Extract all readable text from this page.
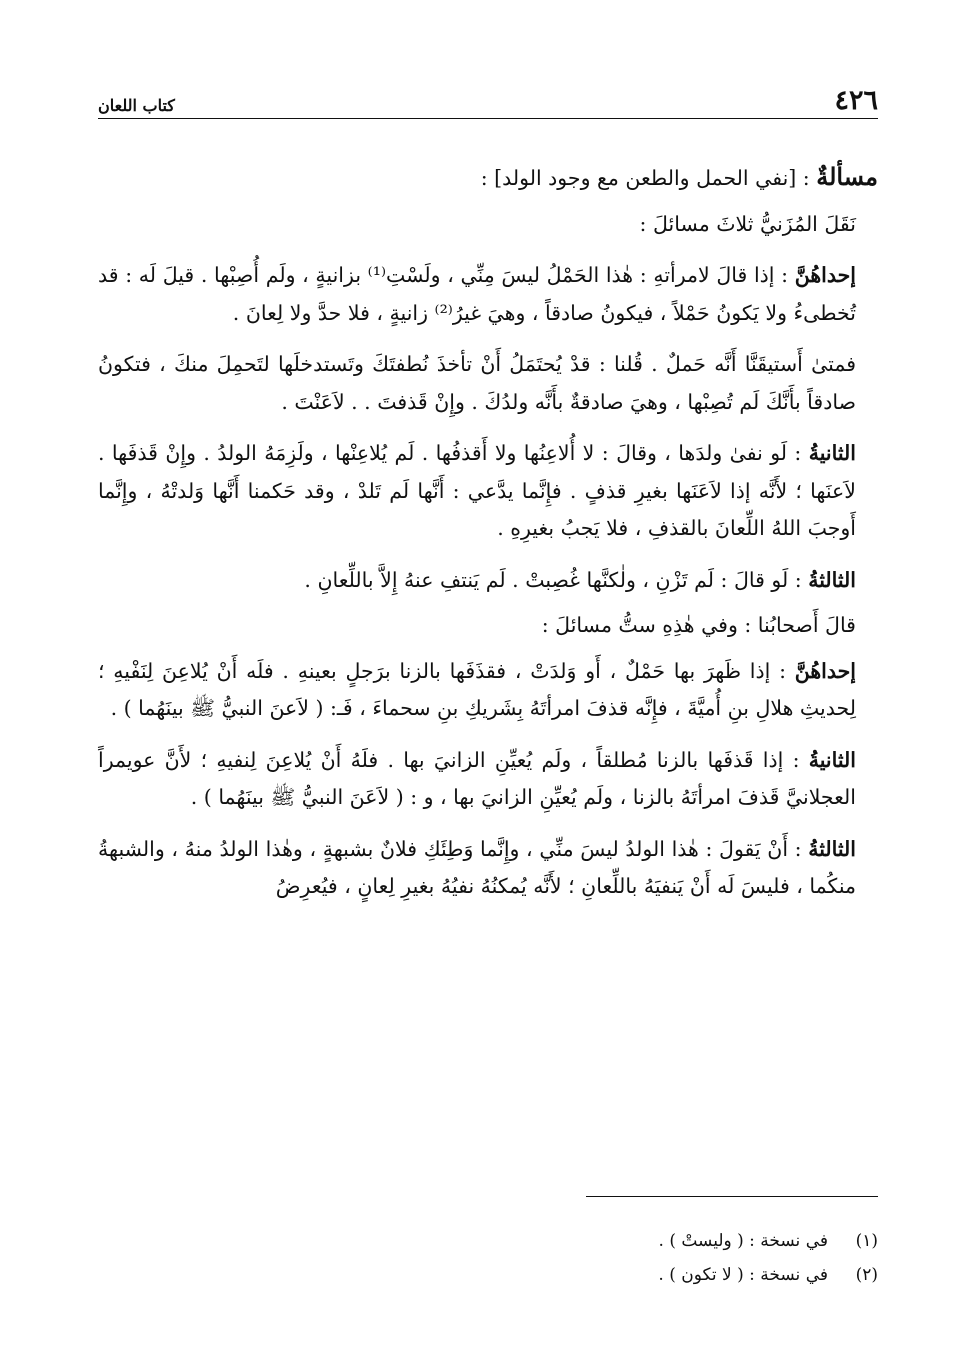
٤٢٦
كتاب اللعان

مسألةٌ : [نفي الحمل والطعن مع وجود الولد] :

نَقَلَ المُزَنيُّ ثلاثَ مسائلَ :

إحداهُنَّ : إذا قالَ لامرأتهِ : هٰذا الحَمْلُ ليسَ مِنِّي ، ولَسْتِ⁽¹⁾ بزانيةٍ ، ولَم أُصِبْها . قيلَ لَه : قد تُخطىءُ ولا يَكونُ حَمْلاً ، فيكونُ صادقاً ، وهيَ غيرُ⁽²⁾ زانيةٍ ، فلا حدَّ ولا لِعانَ .

فمتىٰ أَستيقَنَّا أَنَّه حَملٌ . قُلنا : قدْ يُحتَمَلُ أَنْ تأخذَ نُطفتَكَ وتَستدخلَها لتَحمِلَ منكَ ، فتكونُ صادقاً بأَنَّكَ لَم تُصِبْها ، وهيَ صادقةٌ بأَنَّه ولدُكَ . وإِنْ قَذفتَ . . لاَعَنْتَ .

الثانيةُ : لَو نفىٰ ولدَها ، وقالَ : لا أُلاعِنُها ولا أَقذفُها . لَم يُلاعِنْها ، ولَزِمَهُ الولدُ . وإِنْ قَذفَها . لاَعنَها ؛ لأَنَّه إذا لاَعَنَها بغيرِ قذفٍ . فإِنَّما يدَّعي : أَنَّها لَم تَلدْ ، وقد حَكمنا أَنَّها وَلدتْهُ ، وإِنَّما أَوجبَ اللهُ اللِّعانَ بالقذفِ ، فلا يَجبُ بغيرِهِ .

الثالثةُ : لَو قالَ : لَم تَزْنِ ، ولٰكنَّها غُصِبتْ . لَم يَنتفِ عنهُ إِلاَّ باللِّعانِ .

قالَ أَصحابُنا : وفي هٰذِهِ ستُّ مسائلَ :

إحداهُنَّ : إذا ظَهرَ بها حَمْلٌ ، أَو وَلدَتْ ، فقذَفَها بالزنا برَجلٍ بعينهِ . فلَه أَنْ يُلاعِنَ لِنَفْيهِ ؛ لِحديثِ هلالِ بنِ أُميَّةَ ، فإِنَّه قذفَ امرأتَهُ بِشَريكِ بنِ سحماءَ ، فَـ: ( لاَعنَ النبيُّ ﷺ بينَهُما ) .

الثانيةُ : إذا قَذفَها بالزنا مُطلقاً ، ولَم يُعيِّنِ الزانيَ بها . فلَهُ أَنْ يُلاعِنَ لِنفيهِ ؛ لأَنَّ عويمراً العجلانيَّ قَذفَ امرأتَهُ بالزنا ، ولَم يُعيِّنِ الزانيَ بها ، و : ( لاَعَنَ النبيُّ ﷺ بينَهُما ) .

الثالثةُ : أَنْ يَقولَ : هٰذا الولدُ ليسَ منِّي ، وإِنَّما وَطِئَكِ فلانٌ بشبهةٍ ، وهٰذا الولدُ منهُ ، والشبهةُ منكُما ، فليسَ لَه أَنْ يَنفيَهُ باللِّعانِ ؛ لأَنَّه يُمكنُهُ نفيُهُ بغيرِ لِعانٍ ، فيُعرِضُ

(١)
في نسخة : ( وليستْ ) .
(٢)
في نسخة : ( لا تكون ) .
